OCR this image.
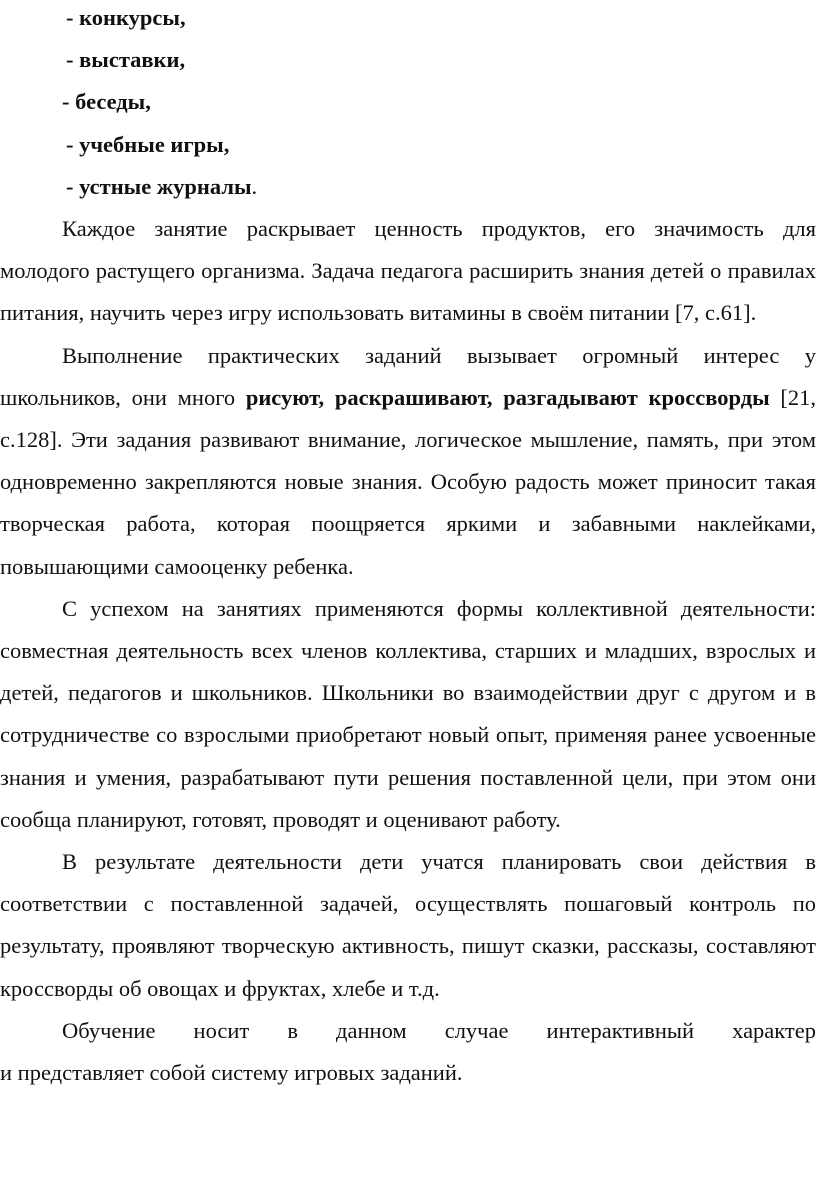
- конкурсы,
- выставки,
- беседы,
- учебные игры,
- устные журналы.

Каждое занятие раскрывает ценность продуктов, его значимость для молодого растущего организма. Задача педагога расширить знания детей о правилах питания, научить через игру использовать витамины в своём питании [7, с.61].

Выполнение практических заданий вызывает огромный интерес у школьников, они много рисуют, раскрашивают, разгадывают кроссворды [21, с.128]. Эти задания развивают внимание, логическое мышление, память, при этом одновременно закрепляются новые знания. Особую радость может приносит такая творческая работа, которая поощряется яркими и забавными наклейками, повышающими самооценку ребенка.

С успехом на занятиях применяются формы коллективной деятельности: совместная деятельность всех членов коллектива, старших и младших, взрослых и детей, педагогов и школьников. Школьники во взаимодействии друг с другом и в сотрудничестве со взрослыми приобретают новый опыт, применяя ранее усвоенные знания и умения, разрабатывают пути решения поставленной цели, при этом они сообща планируют, готовят, проводят и оценивают работу.

В результате деятельности дети учатся планировать свои действия в соответствии с поставленной задачей, осуществлять пошаговый контроль по результату, проявляют творческую активность, пишут сказки, рассказы, составляют кроссворды об овощах и фруктах, хлебе и т.д.

Обучение носит в данном случае интерактивный характер

и представляет собой систему игровых заданий.
